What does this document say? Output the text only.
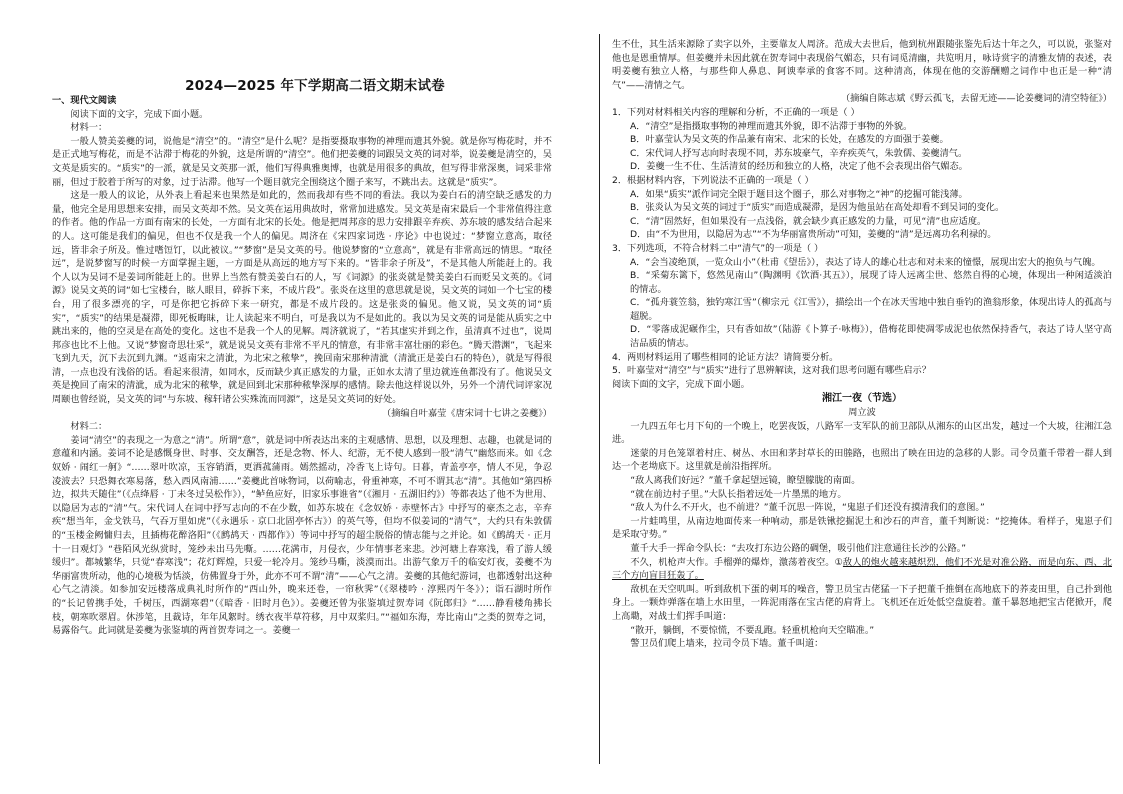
2024—2025 年下学期高二语文期末试卷

一、现代文阅读

阅读下面的文字，完成下面小题。

材料一：

一般人赞美姜夔的词，说他是“清空”的。“清空”是什么呢？是指要摄取事物的神理而遗其外貌。就是你写梅花时，并不是正式地写梅花，而是不沾滞于梅花的外貌，这是所谓的“清空”。他们把姜夔的词跟吴文英的词对举，说姜夔是清空的，吴文英是质实的。“质实”的一派，就是吴文英那一派，他们写得典雅奥博，也就是用很多的典故，但写得非常深奥，词采非常 丽，但过于胶着于所写的对象，过于沾滞。他写一个题目就完全围绕这个圈子来写，不跳出去。这就是“质实”。

这是一般人的议论，从外表上看起来也果然是如此的，然而我却有些不同的看法。我以为姜白石的清空缺乏感发的力量，他完全是用思想来安排，而吴文英却不然。吴文英在运用典故时，常常加进感发。吴文英是南宋最后一个非常值得注意的作者。他的作品一方面有南宋的长处，一方面有北宋的长处。他是把周邦彦的思力安排跟辛弃疾、苏东坡的感发结合起来的人。这可能是我们的偏见，但也不仅是我一个人的偏见。周济在《宋四家词选 · 序论》中也说过：“梦窗立意高，取径远，皆非余子所及。惟过嗜饾饤，以此被议。”“梦窗”是吴文英的号。他说梦窗的“立意高”，就是有非常高远的情思。“取径远”，是说梦窗写的时候一方面掌握主题，一方面是从高远的地方写下来的。“皆非余子所及”，不是其他人所能赶上的。我个人以为吴词不是姜词所能赶上的。世界上当然有赞美姜白石的人，写《词源》的张炎就是赞美姜白石而贬吴文英的。《词源》说吴文英的词“如七宝楼台，眩人眼目，碎拆下来，不成片段”。张炎在这里的意思就是说，吴文英的词如一个七宝的楼台，用了很多漂亮的字，可是你把它拆碎下来一研究，都是不成片段的。这是张炎的偏见。他又说，吴文英的词“质实”，“质实”的结果是凝滞，即死板晦昧，让人读起来不明白，可是我以为不是如此的。我以为吴文英的词是能从质实之中跳出来的，他的空灵是在高处的变化。这也不是我一个人的见解。周济就说了，“若其虚实并到之作，虽清真不过也”，说周邦彦也比不上他。又说“梦窗奇思壮采”，就是说吴文英有非常不平凡的情意，有非常丰富壮丽的彩色。“腾天潜渊”，飞起来飞到九天，沉下去沉到九渊。“返南宋之清泚，为北宋之秾挚”，挽回南宋那种清泚（清泚正是姜白石的特色），就是写得很清，一点也没有浅俗的话。看起来很清，如同水，反而缺少真正感发的力量，正如水太清了里边就连鱼都没有了。他说吴文英是挽回了南宋的清泚，成为北宋的秾挚，就是回到北宋那种秾挚深厚的感情。除去他这样说以外，另外一个清代词评家况周颐也曾经说，吴文英的词“与东坡、稼轩诸公实殊流而同源”，这是吴文英词的好处。

（摘编自叶嘉莹《唐宋词十七讲之姜夔》）

材料二：

姜词“清空”的表现之一为意之“清”。所谓“意”，就是词中所表达出来的主观感情、思想，以及理想、志趣，也就是词的意蕴和内涵。姜词不论是感慨身世、时事、交友酬答，还是念物、怀人、纪游，无不使人感到一股“清气”幽悠而来。如《念奴娇 · 闹红一舸》“……翠叶吹凉，玉容销酒，更洒菰蒲雨。嫣然摇动，冷香飞上诗句。日暮，青盖亭亭，情人不见，争忍凌波去？只恐舞衣寒易落，愁入西风南浦……”姜夔此首咏物词，以荷喻志，骨重神寒，不可不谓其志“清”。其他如“第四桥边，拟共天随住”（《点绛唇 · 丁未冬过吴松作》），“鲈鱼应好，旧家乐事谁省”（《湘月 · 五湖旧约》）等都表达了他不为世用、以隐居为志的“清”气。宋代词人在词中抒写志向的不在少数，如苏东坡在《念奴娇 · 赤壁怀古》中抒写的豪杰之志，辛弃疾“想当年，金戈铁马，气吞万里如虎”（《永遇乐 · 京口北固亭怀古》）的英气等，但均不似姜词的“清气”，大约只有朱敦儒的“玉楼金阙慵归去，且插梅花醉洛阳”（《鹧鸪天 · 西都作》）等词中抒写的超尘脱俗的情志能与之并论。如《鹧鸪天 · 正月十一日观灯》“巷陌风光纵赏时，笼纱未出马先嘶。……花满市，月侵衣，少年情事老来悲。沙河塘上春寒浅，看了游人缓缓归”。都城繁华，只觉“春寒浅”；花灯辉煌，只爱一轮冷月。笼纱马嘶，淡漠而出。出游气象万千的临安灯夜，姜夔不为华丽富贵所动，他的心境极为恬淡，仿佛置身于外，此亦不可不谓“清”——心气之清。姜夔的其他纪游词，也都透射出这种心气之清淡。如参加安远楼落成典礼时所作的“西山外，晚来还卷，一帘秋霁”（《翠楼吟 · 淳熙丙午冬》）；诣石湖时所作的“长记曾携手处，千树压，西湖寒碧”（《暗香 · 旧时月色》）。姜夔还曾为张鉴填过贺寿词《阮郎归》“……静看楼角拂长枝，朝寒吹翠眉。休涉笔，且裁诗，年年风絮时。绣衣夜半草符移，月中双桨归。”“福如东海，寿比南山”之类的贺寿之词，易露俗气。此词就是姜夔为张鉴填的两首贺寿词之一。姜夔一

生不仕，其生活来源除了卖字以外，主要靠友人周济。范成大去世后，他到杭州跟随张鉴先后达十年之久，可以说，张鉴对他也是恩重情厚。但姜夔并未因此就在贺寿词中表现俗气媚态，只有词觅清幽，共览明月，咏诗赏字的清雅友情的表述，表明姜夔有独立人格，与那些仰人鼻息、阿谀奉承的食客不同。这种清高，体现在他的交游酬赠之词作中也正是一种“清气”——清情之气。

（摘编自陈志斌《野云孤飞，去留无迹——论姜夔词的清空特征》）

1．下列对材料相关内容的理解和分析，不正确的一项是（ ）

A．“清空”是指摄取事物的神理而遗其外貌，即不沾滞于事物的外貌。

B．叶嘉莹认为吴文英的作品兼有南宋、北宋的长处，在感发的方面强于姜夔。

C．宋代词人抒写志向时表现不同，苏东坡豪气，辛弃疾英气，朱敦儒、姜夔清气。

D．姜夔一生不仕、生活清贫的经历和独立的人格，决定了他不会表现出俗气媚态。

2．根据材料内容，下列说法不正确的一项是（ ）

A．如果“质实”派作词完全限于题目这个圈子，那么对事物之“神”的挖掘可能浅薄。

B．张炎认为吴文英的词过于“质实”而造成凝滞，是因为他虽站在高处却看不到吴词的变化。

C．“清”固然好，但如果没有一点浅俗，就会缺少真正感发的力量，可见“清”也应适度。

D．由“不为世用，以隐居为志”“不为华丽富贵所动”可知，姜夔的“清”是远离功名利禄的。

3．下列选项，不符合材料二中“清气”的一项是（ ）

A．“会当凌绝顶，一览众山小”（杜甫《望岳》），表达了诗人的雄心壮志和对未来的憧憬，展现出宏大的抱负与气魄。

B．“采菊东篱下，悠然见南山”（陶渊明《饮酒·其五》），展现了诗人远离尘世、悠然自得的心境，体现出一种闲适淡泊的情志。

C．“孤舟蓑笠翁，独钓寒江雪”（柳宗元《江雪》），描绘出一个在冰天雪地中独自垂钓的渔翁形象，体现出诗人的孤高与超脱。

D．“零落成泥碾作尘，只有香如故”（陆游《卜算子·咏梅》），借梅花即使凋零成泥也依然保持香气，表达了诗人坚守高洁品质的情志。

4．两则材料运用了哪些相同的论证方法？请简要分析。

5．叶嘉莹对“清空”与“质实”进行了思辨解读，这对我们思考问题有哪些启示？

阅读下面的文字，完成下面小题。

湘江一夜（节选）

周立波

一九四五年七月下旬的一个晚上，吃罢夜饭，八路军一支军队的前卫部队从湘东的山区出发，越过一个大坡，往湘江急进。

迷蒙的月色笼罩着村庄、树丛、水田和茅封草长的田塍路，也照出了映在田边的急移的人影。司令员董千带着一群人到达一个老坳底下。这里就是前沿指挥所。

“敌人离我们好远？”董千拿起望远镜，瞭望朦胧的南面。

“就在前边村子里。”大队长指着远处一片墨黑的地方。

“敌人为什么不开火，也不前进？”董千沉思一阵说，“鬼崽子们还没有摸清我们的意图。”

一片蛙鸣里，从南边地面传来一种响动，那是铁锹挖掘泥土和沙石的声音，董千判断说：“挖掩体。看样子，鬼崽子们是采取守势。”

董千大手一挥命令队长：“去攻打东边公路的碉堡，吸引他们注意通往长沙的公路。”

不久，机枪声大作。手榴弹的爆炸，激荡着夜空。①敌人的炮火越来越炽烈，他们不光是对准公路，而是向东、西、北三个方向盲目狂轰了。

敌机在天空叽叫。听到敌机下蛋的刺耳的噪音，警卫员宝古佬猛一下子把董千推倒在高地底下的荞麦田里，自己扑到他身上。一颗炸弹落在墙上水田里，一阵泥雨落在宝古佬的肩背上。飞机还在近处低空盘旋着。董千暴怒地把宝古佬掀开，爬上高墈，对战士们挥手叫道：

“散开，躺倒，不要惊慌，不要乱跑。轻重机枪向天空瞄准。”

警卫员们爬上墙来，拉司令员下墙。董千叫道：
